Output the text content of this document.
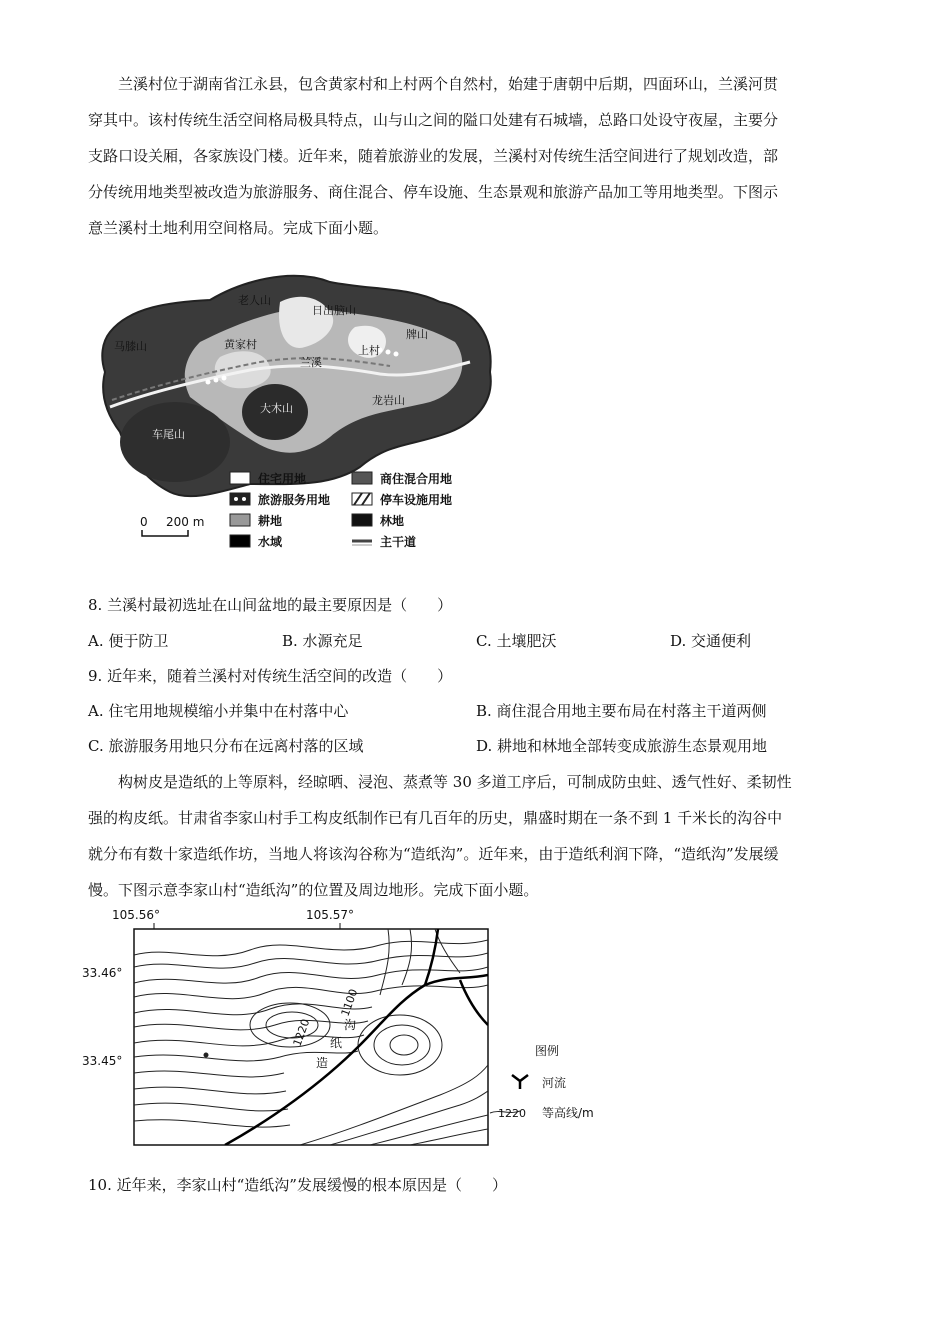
兰溪村位于湖南省江永县，包含黄家村和上村两个自然村，始建于唐朝中后期，四面环山，兰溪河贯
穿其中。该村传统生活空间格局极具特点，山与山之间的隘口处建有石城墙，总路口处设守夜屋，主要分
支路口设关厢，各家族设门楼。近年来，随着旅游业的发展，兰溪村对传统生活空间进行了规划改造，部
分传统用地类型被改造为旅游服务、商住混合、停车设施、生态景观和旅游产品加工等用地类型。下图示
意兰溪村土地利用空间格局。完成下面小题。
老人山
日出脑山
马膝山	黄家村
兰溪
上村
牌山
大木山
龙岩山
车尾山
住宅用地	商住混合用地
旅游服务用地	停车设施用地
耕地	林地
水域	主干道
0 200 m
8. 兰溪村最初选址在山间盆地的最主要原因是（　　）
A. 便于防卫	B. 水源充足	C. 土壤肥沃	D. 交通便利
9. 近年来，随着兰溪村对传统生活空间的改造（　　）
A. 住宅用地规模缩小并集中在村落中心	B. 商住混合用地主要布局在村落主干道两侧
C. 旅游服务用地只分布在远离村落的区域	D. 耕地和林地全部转变成旅游生态景观用地
构树皮是造纸的上等原料，经晾晒、浸泡、蒸煮等 30 多道工序后，可制成防虫蛀、透气性好、柔韧性
强的构皮纸。甘肃省李家山村手工构皮纸制作已有几百年的历史，鼎盛时期在一条不到 1 千米长的沟谷中
就分布有数十家造纸作坊，当地人将该沟谷称为“造纸沟”。近年来，由于造纸利润下降，“造纸沟”发展缓
慢。下图示意李家山村“造纸沟”的位置及周边地形。完成下面小题。
105.56°	105.57°
33.46°
33.45°
1220
1100
沟
纸
造
图例
河流
1220 等高线/m
10. 近年来，李家山村“造纸沟”发展缓慢的根本原因是（　　）
